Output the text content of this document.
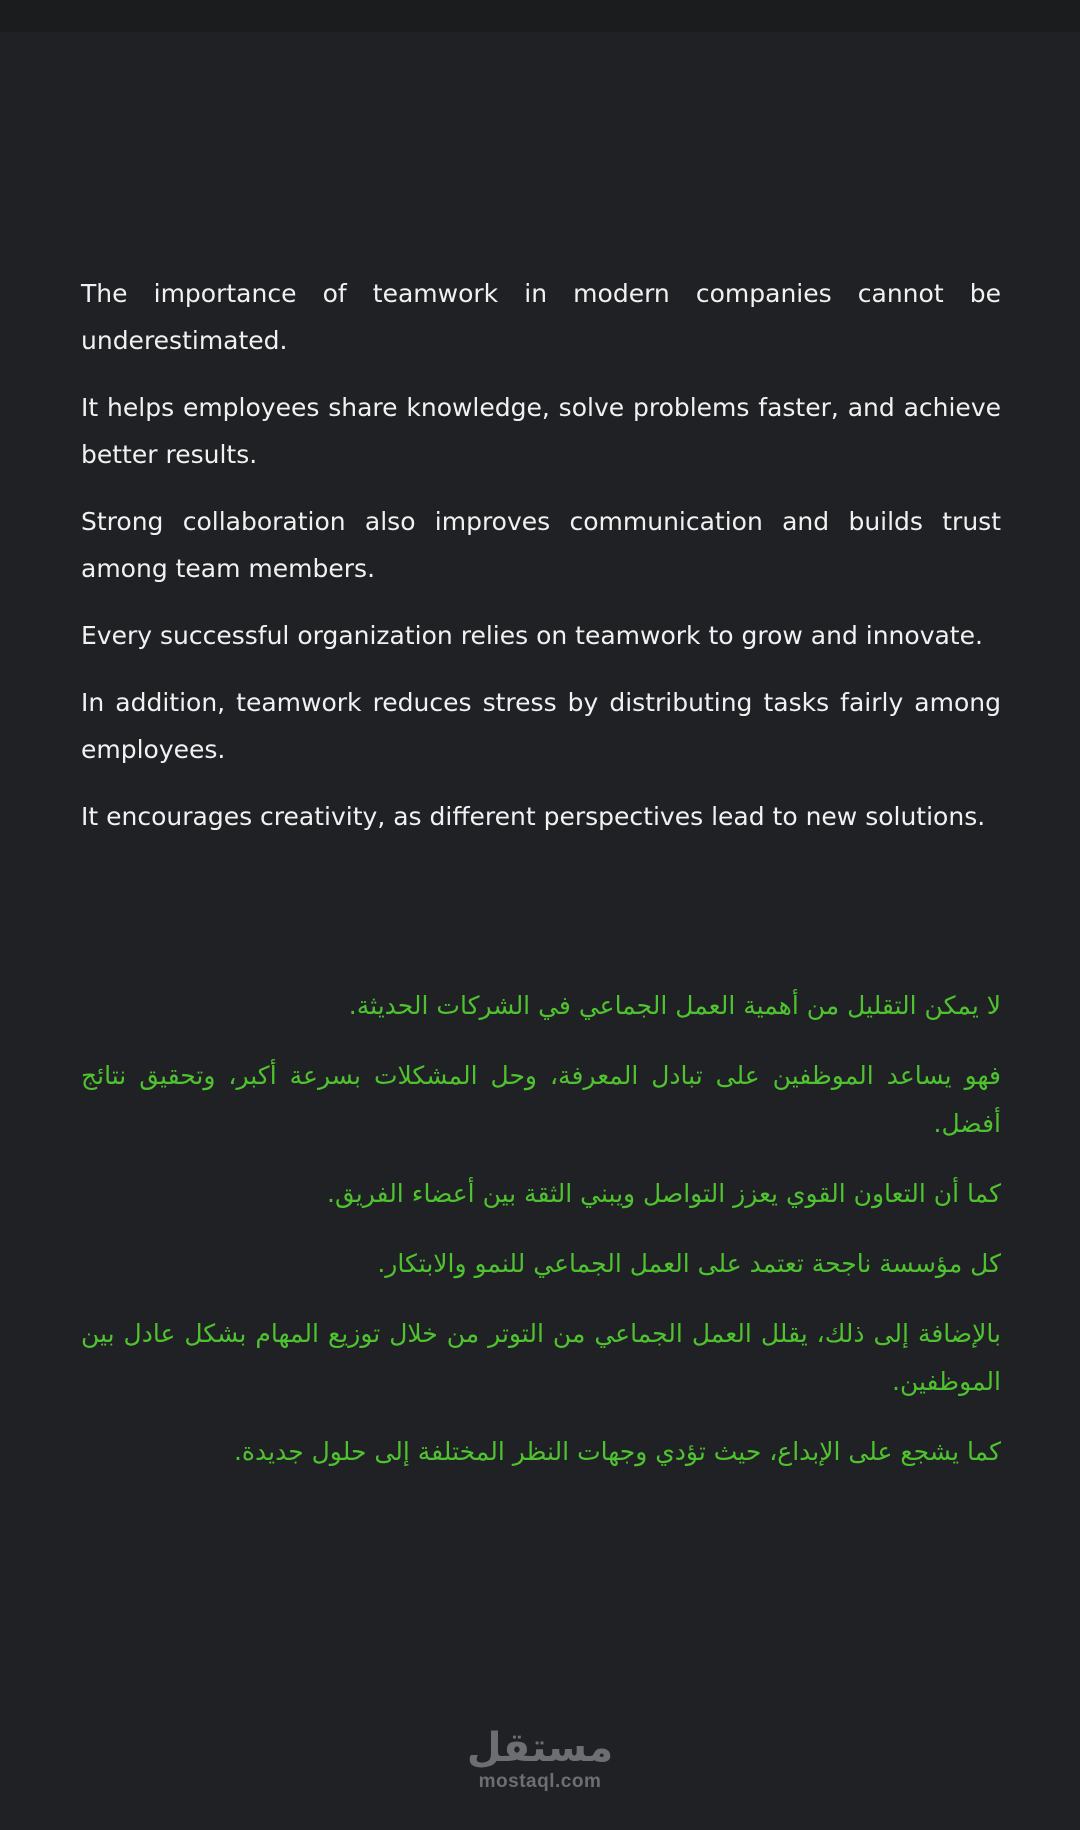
The importance of teamwork in modern companies cannot be underestimated.

It helps employees share knowledge, solve problems faster, and achieve better results.

Strong collaboration also improves communication and builds trust among team members.

Every successful organization relies on teamwork to grow and innovate.

In addition, teamwork reduces stress by distributing tasks fairly among employees.

It encourages creativity, as different perspectives lead to new solutions.

لا يمكن التقليل من أهمية العمل الجماعي في الشركات الحديثة.

فهو يساعد الموظفين على تبادل المعرفة، وحل المشكلات بسرعة أكبر، وتحقيق نتائج أفضل.

كما أن التعاون القوي يعزز التواصل ويبني الثقة بين أعضاء الفريق.

كل مؤسسة ناجحة تعتمد على العمل الجماعي للنمو والابتكار.

بالإضافة إلى ذلك، يقلل العمل الجماعي من التوتر من خلال توزيع المهام بشكل عادل بين الموظفين.

كما يشجع على الإبداع، حيث تؤدي وجهات النظر المختلفة إلى حلول جديدة.

مستقل
mostaql.com
